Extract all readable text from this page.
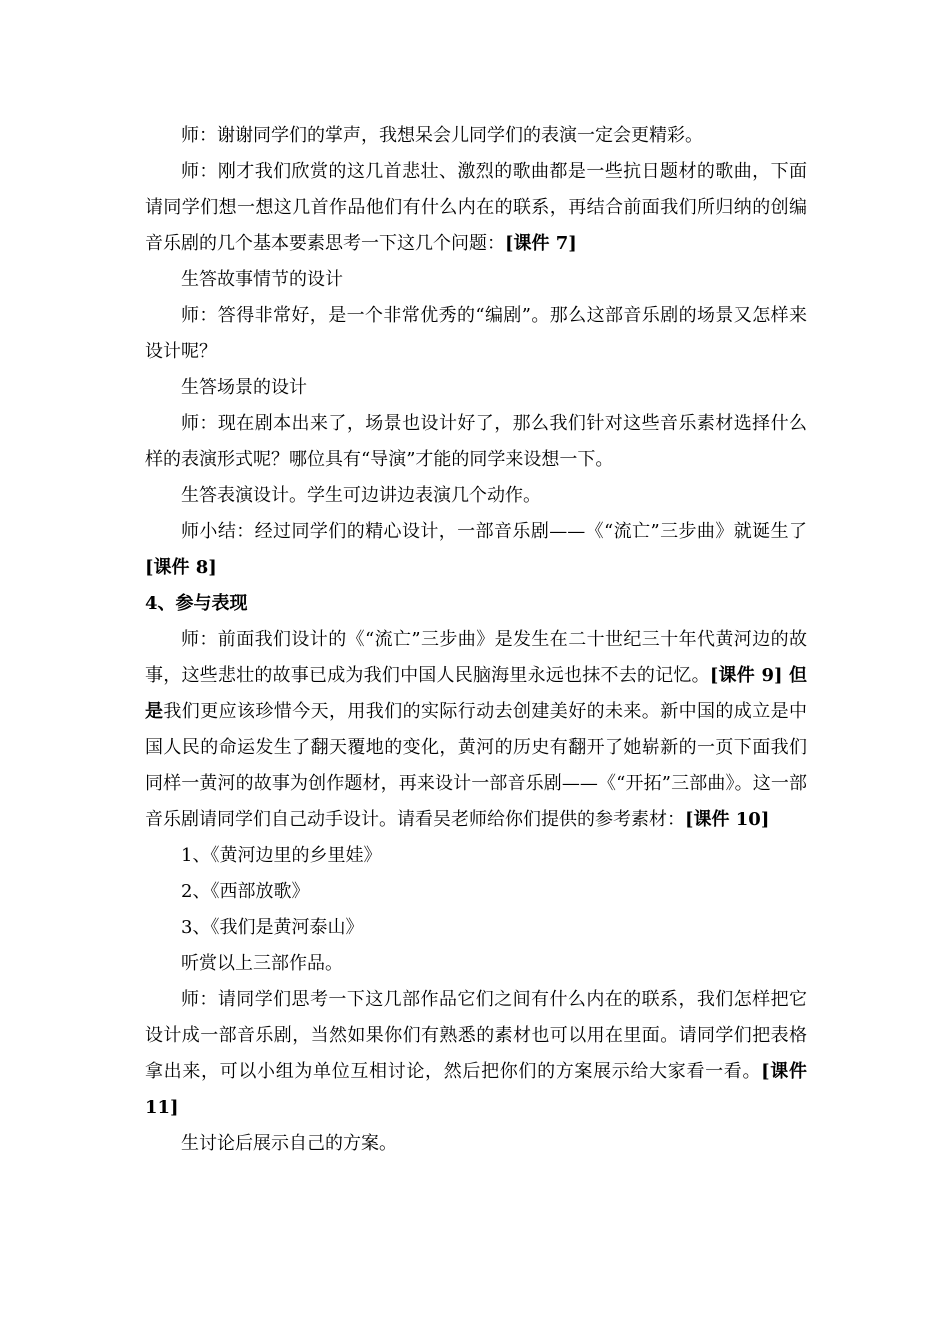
师：谢谢同学们的掌声，我想呆会儿同学们的表演一定会更精彩。

师：刚才我们欣赏的这几首悲壮、激烈的歌曲都是一些抗日题材的歌曲，下面请同学们想一想这几首作品他们有什么内在的联系，再结合前面我们所归纳的创编音乐剧的几个基本要素思考一下这几个问题：[课件 7]

生答故事情节的设计

师：答得非常好，是一个非常优秀的“编剧”。那么这部音乐剧的场景又怎样来设计呢？

生答场景的设计

师：现在剧本出来了，场景也设计好了，那么我们针对这些音乐素材选择什么样的表演形式呢？哪位具有“导演”才能的同学来设想一下。

生答表演设计。学生可边讲边表演几个动作。

师小结：经过同学们的精心设计，一部音乐剧——《“流亡”三步曲》就诞生了[课件 8]

4、参与表现

师：前面我们设计的《“流亡”三步曲》是发生在二十世纪三十年代黄河边的故事，这些悲壮的故事已成为我们中国人民脑海里永远也抹不去的记忆。[课件 9] 但是我们更应该珍惜今天，用我们的实际行动去创建美好的未来。新中国的成立是中国人民的命运发生了翻天覆地的变化，黄河的历史有翻开了她崭新的一页下面我们同样一黄河的故事为创作题材，再来设计一部音乐剧——《“开拓”三部曲》。这一部音乐剧请同学们自己动手设计。请看吴老师给你们提供的参考素材：[课件 10]

1、《黄河边里的乡里娃》

2、《西部放歌》

3、《我们是黄河泰山》

听赏以上三部作品。

师：请同学们思考一下这几部作品它们之间有什么内在的联系，我们怎样把它设计成一部音乐剧，当然如果你们有熟悉的素材也可以用在里面。请同学们把表格拿出来，可以小组为单位互相讨论，然后把你们的方案展示给大家看一看。[课件 11]

生讨论后展示自己的方案。
